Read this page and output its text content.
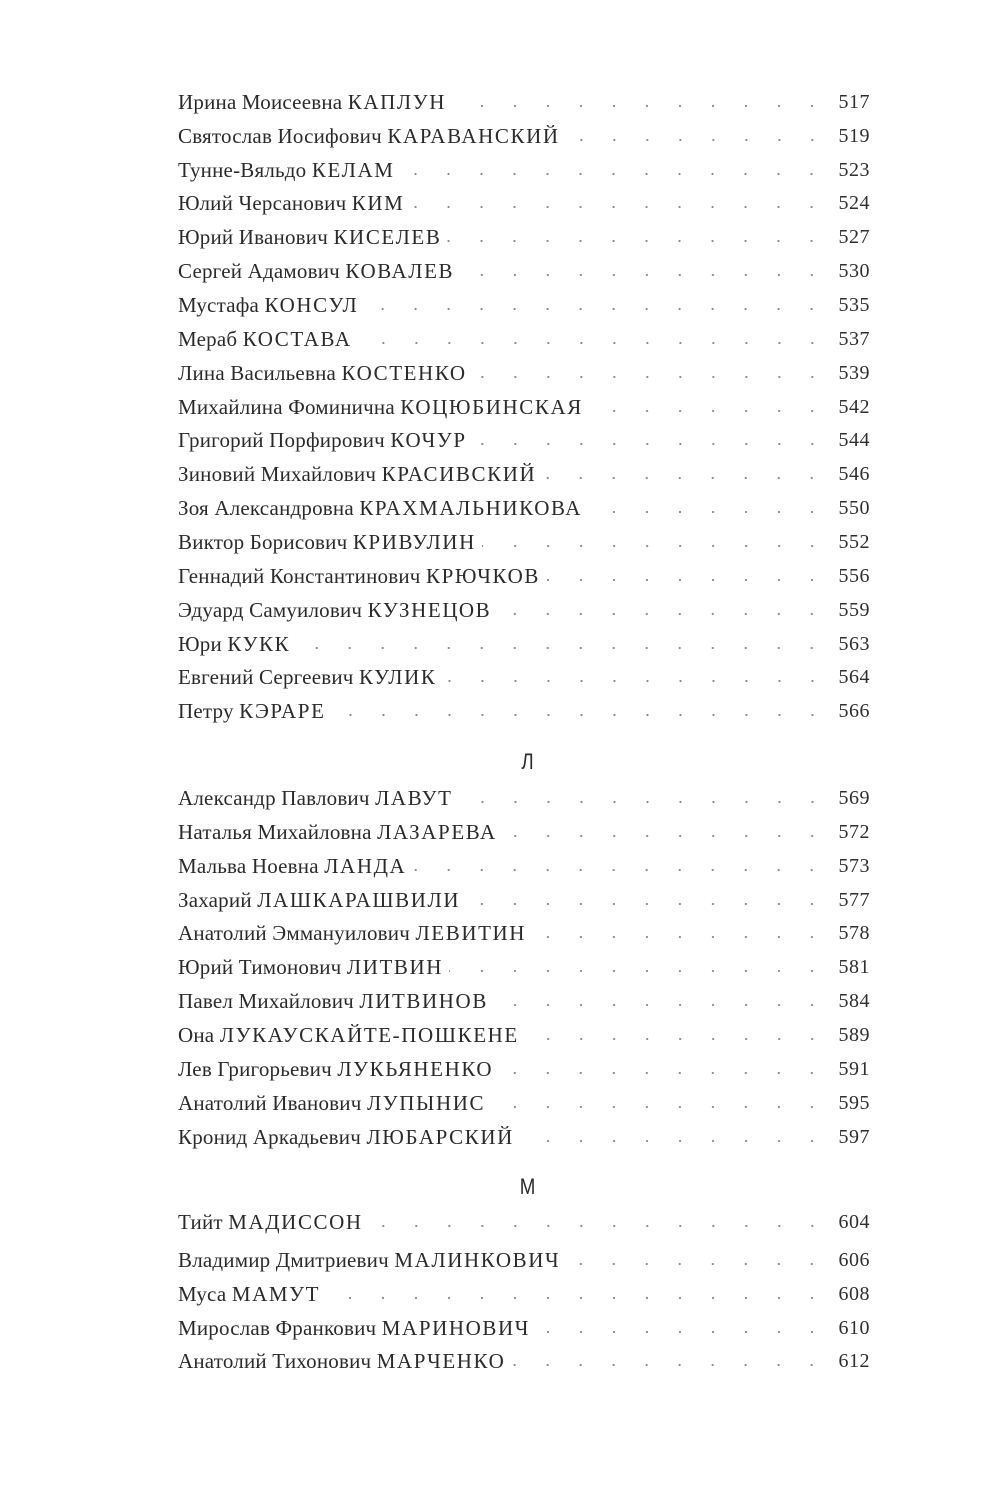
Ирина Моисеевна КАПЛУН	517
Святослав Иосифович КАРАВАНСКИЙ	519
Тунне-Вяльдо КЕЛАМ	523
Юлий Черсанович КИМ	524
Юрий Иванович КИСЕЛЕВ	527
Сергей Адамович КОВАЛЕВ	530
Мустафа КОНСУЛ	535
Мераб КОСТАВА	537
Лина Васильевна КОСТЕНКО	539
Михайлина Фоминична КОЦЮБИНСКАЯ	542
Григорий Порфирович КОЧУР	544
Зиновий Михайлович КРАСИВСКИЙ	546
Зоя Александровна КРАХМАЛЬНИКОВА	550
Виктор Борисович КРИВУЛИН	552
Геннадий Константинович КРЮЧКОВ	556
Эдуард Самуилович КУЗНЕЦОВ	559
Юри КУКК	563
Евгений Сергеевич КУЛИК	564
Петру КЭРАРЕ	566
Л
Александр Павлович ЛАВУТ	569
Наталья Михайловна ЛАЗАРЕВА	572
Мальва Ноевна ЛАНДА	573
Захарий ЛАШКАРАШВИЛИ	577
Анатолий Эммануилович ЛЕВИТИН	578
Юрий Тимонович ЛИТВИН	581
Павел Михайлович ЛИТВИНОВ	584
Она ЛУКАУСКАЙТЕ-ПОШКЕНЕ	589
Лев Григорьевич ЛУКЬЯНЕНКО	591
Анатолий Иванович ЛУПЫНИС	595
Кронид Аркадьевич ЛЮБАРСКИЙ	597
М
Тийт МАДИССОН	604
Владимир Дмитриевич МАЛИНКОВИЧ	606
Муса МАМУТ	608
Мирослав Франкович МАРИНОВИЧ	610
Анатолий Тихонович МАРЧЕНКО	612
